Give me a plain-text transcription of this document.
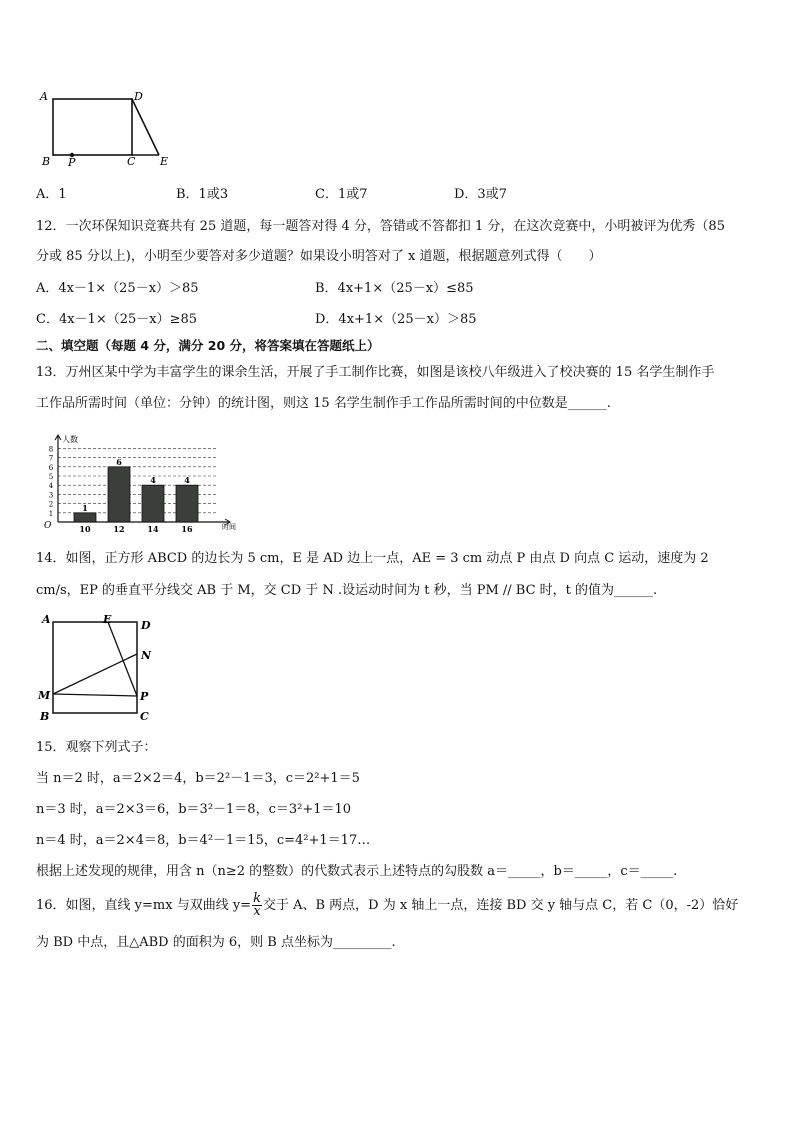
A	D
B P	C E
A．1	B．1或3	C．1或7	D．3或7
12．一次环保知识竞赛共有 25 道题，每一题答对得 4 分，答错或不答都扣 1 分，在这次竞赛中，小明被评为优秀（85
分或 85 分以上)，小明至少要答对多少道题？如果设小明答对了 x 道题，根据题意列式得（　　）
A．4x－1×（25－x）＞85	B．4x+1×（25－x）≤85
C．4x－1×（25－x）≥85	D．4x+1×（25－x）＞85
二、填空题（每题 4 分，满分 20 分，将答案填在答题纸上）
13．万州区某中学为丰富学生的课余生活，开展了手工制作比赛，如图是该校八年级进入了校决赛的 15 名学生制作手
工作品所需时间（单位：分钟）的统计图，则这 15 名学生制作手工作品所需时间的中位数是______.
1
2
3
4
5
6
7
8
人数
时间
O
1
10
6
12
4
14
4
16
14．如图，正方形 ABCD 的边长为 5 cm，E 是 AD 边上一点，AE = 3 cm 动点 P 由点 D 向点 C 运动，速度为 2
cm/s，EP 的垂直平分线交 AB 于 M，交 CD 于 N .设运动时间为 t 秒，当 PM // BC 时，t 的值为______.
A	E	D
N
M	P
B	C
15．观察下列式子：
当 n＝2 时，a＝2×2＝4，b＝2²－1＝3，c＝2²+1＝5
n＝3 时，a＝2×3＝6，b＝3²－1＝8，c＝3²+1＝10
n＝4 时，a＝2×4＝8，b＝4²－1＝15，c=4²+1＝17…
根据上述发现的规律，用含 n（n≥2 的整数）的代数式表示上述特点的勾股数 a＝_____，b＝_____，c＝_____.
16．如图，直线 y=mx 与双曲线 $y= \frac{k}{x}$ 交于 A、B 两点，D 为 x 轴上一点，连接 BD 交 y 轴与点 C，若 C（0，-2）恰好
为 BD 中点，且△ABD 的面积为 6，则 B 点坐标为_________.
